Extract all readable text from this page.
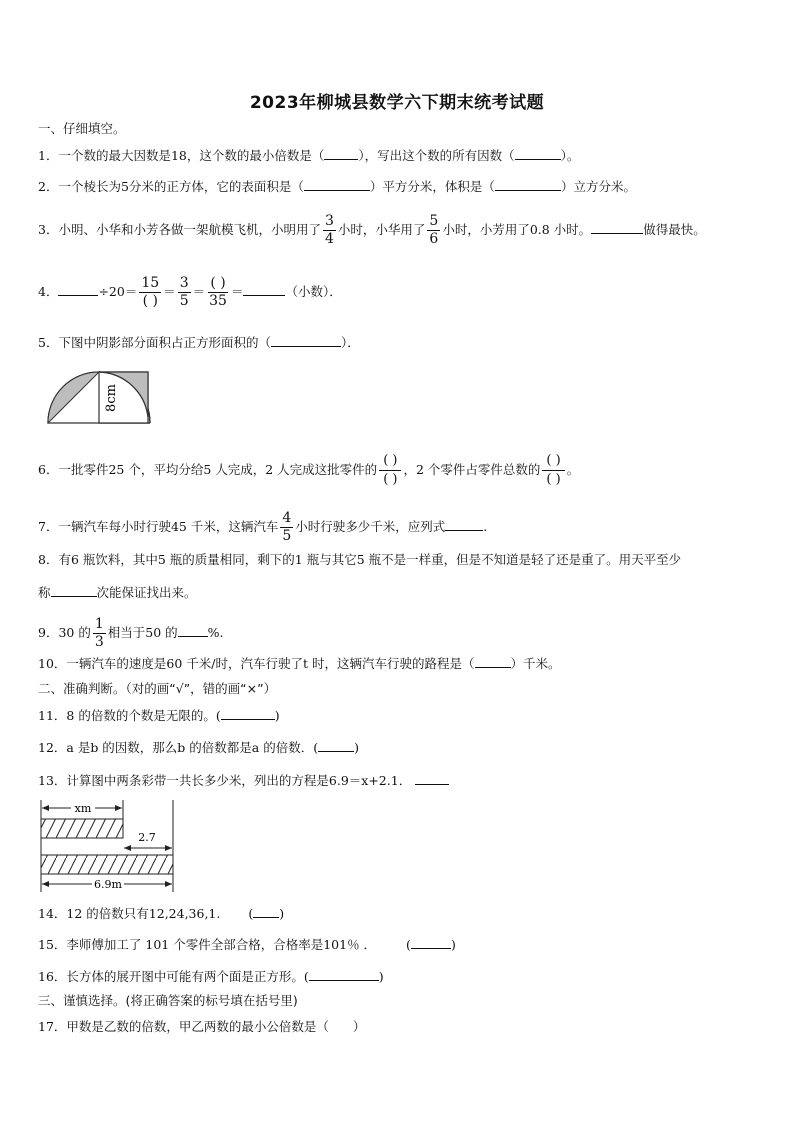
2023年柳城县数学六下期末统考试题
一、仔细填空。
1．一个数的最大因数是18，这个数的最小倍数是（	），写出这个数的所有因数（	）。
2．一个棱长为5分米的正方体，它的表面积是（	）平方分米，体积是（	）立方分米。
3．小明、小华和小芳各做一架航模飞机，小明用了 $\frac{3}{4}$ 小时，小华用了 $\frac{5}{6}$ 小时，小芳用了0.8 小时。	做得最快。
4．	$\div 20= \frac{15}{( )} = \frac{3}{5} = \frac{( )}{35}$ ＝	（小数）．
5．下图中阴影部分面积占正方形面积的（	）．
8cm
6．一批零件25 个，平均分给5 人完成，2 人完成这批零件的 $\frac{( )}{( )}$ ，2 个零件占零件总数的 $\frac{( )}{( )}$ 。
7．一辆汽车每小时行驶45 千米，这辆汽车 $\frac{4}{5}$ 小时行驶多少千米，应列式	.
8．有6 瓶饮料，其中5 瓶的质量相同，剩下的1 瓶与其它5 瓶不是一样重，但是不知道是轻了还是重了。用天平至少
称	次能保证找出来。
9．30 的 $\frac{1}{3}$ 相当于50 的 %.
10．一辆汽车的速度是60 千米/时，汽车行驶了t 时，这辆汽车行驶的路程是（	）千米。
二、准确判断。（对的画“√”，错的画“×”）
11．8 的倍数的个数是无限的。(	)
12．a 是b 的因数，那么b 的倍数都是a 的倍数．(	)
13．计算图中两条彩带一共长多少米，列出的方程是6.9＝x+2.1．
xm
2.7
6.9m
14．12 的倍数只有12,24,36,1. ( )
15．李师傅加工了 101 个零件全部合格，合格率是101％ ． (	)
16．长方体的展开图中可能有两个面是正方形。(	)
三、谨慎选择。(将正确答案的标号填在括号里)
17．甲数是乙数的倍数，甲乙两数的最小公倍数是（ ）
